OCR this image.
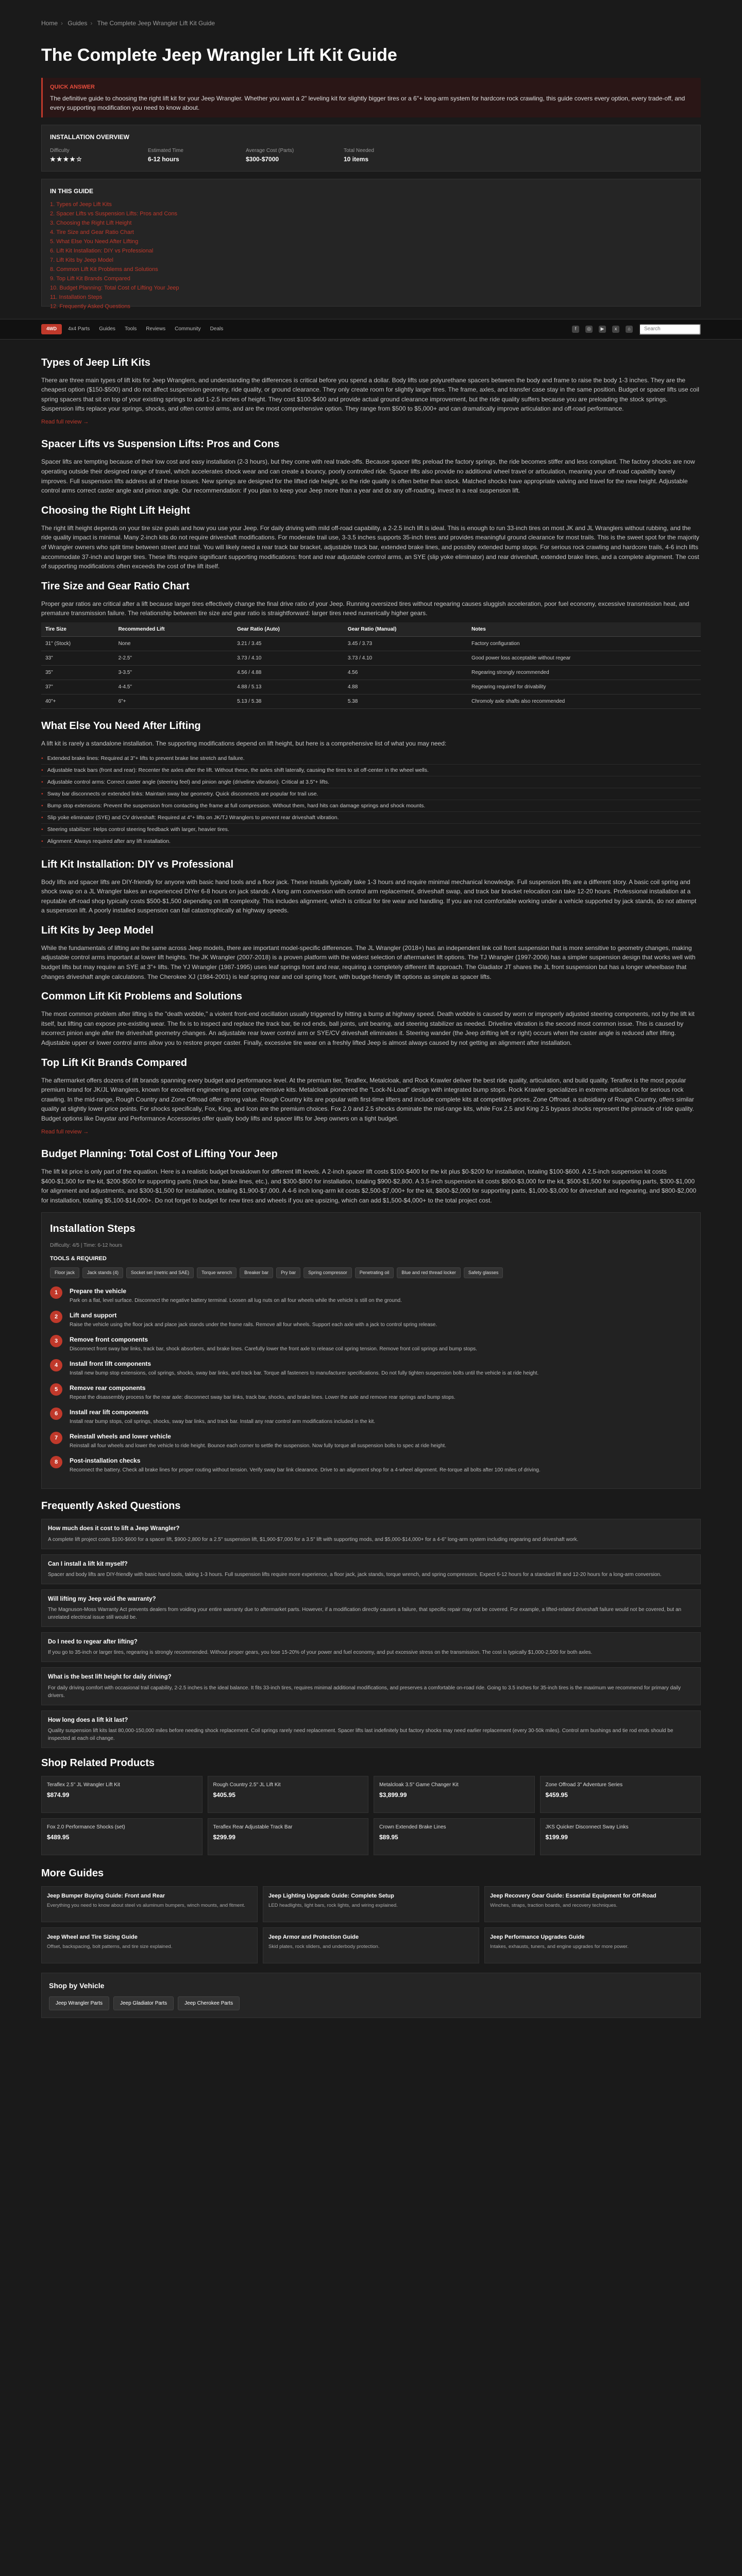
Home › Guides › The Complete Jeep Wrangler Lift Kit Guide
The Complete Jeep Wrangler Lift Kit Guide
QUICK ANSWER

The definitive guide to choosing the right lift kit for your Jeep Wrangler. Whether you want a 2" leveling kit for slightly bigger tires or a 6"+ long-arm system for hardcore rock crawling, this guide covers every option, every trade-off, and every supporting modification you need to know about.

INSTALLATION OVERVIEW
Difficulty
★★★★☆
Estimated Time
6-12 hours
Average Cost (Parts)
$300-$7000
Total Needed
10 items
IN THIS GUIDE
1. Types of Jeep Lift Kits
2. Spacer Lifts vs Suspension Lifts: Pros and Cons
3. Choosing the Right Lift Height
4. Tire Size and Gear Ratio Chart
5. What Else You Need After Lifting
6. Lift Kit Installation: DIY vs Professional
7. Lift Kits by Jeep Model
8. Common Lift Kit Problems and Solutions
9. Top Lift Kit Brands Compared
10. Budget Planning: Total Cost of Lifting Your Jeep
11. Installation Steps
12. Frequently Asked Questions
4WD	4x4 Parts Guides Tools Reviews Community Deals	f	◎	▶	x	⌂
Search
Types of Jeep Lift Kits

There are three main types of lift kits for Jeep Wranglers, and understanding the differences is critical before you spend a dollar. Body lifts use polyurethane spacers between the body and frame to raise the body 1-3 inches. They are the cheapest option ($150-$500) and do not affect suspension geometry, ride quality, or ground clearance. They only create room for slightly larger tires. The frame, axles, and transfer case stay in the same position. Budget or spacer lifts use coil spring spacers that sit on top of your existing springs to add 1-2.5 inches of height. They cost $100-$400 and provide actual ground clearance improvement, but the ride quality suffers because you are preloading the stock springs. Suspension lifts replace your springs, shocks, and often control arms, and are the most comprehensive option. They range from $500 to $5,000+ and can dramatically improve articulation and off-road performance.

Read full review →
Spacer Lifts vs Suspension Lifts: Pros and Cons

Spacer lifts are tempting because of their low cost and easy installation (2-3 hours), but they come with real trade-offs. Because spacer lifts preload the factory springs, the ride becomes stiffer and less compliant. The factory shocks are now operating outside their designed range of travel, which accelerates shock wear and can create a bouncy, poorly controlled ride. Spacer lifts also provide no additional wheel travel or articulation, meaning your off-road capability barely improves. Full suspension lifts address all of these issues. New springs are designed for the lifted ride height, so the ride quality is often better than stock. Matched shocks have appropriate valving and travel for the new height. Adjustable control arms correct caster angle and pinion angle. Our recommendation: if you plan to keep your Jeep more than a year and do any off-roading, invest in a real suspension lift.

Choosing the Right Lift Height

The right lift height depends on your tire size goals and how you use your Jeep. For daily driving with mild off-road capability, a 2-2.5 inch lift is ideal. This is enough to run 33-inch tires on most JK and JL Wranglers without rubbing, and the ride quality impact is minimal. Many 2-inch kits do not require driveshaft modifications. For moderate trail use, 3-3.5 inches supports 35-inch tires and provides meaningful ground clearance for most trails. This is the sweet spot for the majority of Wrangler owners who split time between street and trail. You will likely need a rear track bar bracket, adjustable track bar, extended brake lines, and possibly extended bump stops. For serious rock crawling and hardcore trails, 4-6 inch lifts accommodate 37-inch and larger tires. These lifts require significant supporting modifications: front and rear adjustable control arms, an SYE (slip yoke eliminator) and rear driveshaft, extended brake lines, and a complete alignment. The cost of supporting modifications often exceeds the cost of the lift itself.

Tire Size and Gear Ratio Chart

Proper gear ratios are critical after a lift because larger tires effectively change the final drive ratio of your Jeep. Running oversized tires without regearing causes sluggish acceleration, poor fuel economy, excessive transmission heat, and premature transmission failure. The relationship between tire size and gear ratio is straightforward: larger tires need numerically higher gears.

Tire Size	Recommended Lift	Gear Ratio (Auto)	Gear Ratio (Manual)	Notes
31" (Stock)	None	3.21 / 3.45	3.45 / 3.73	Factory configuration
33"	2-2.5"	3.73 / 4.10	3.73 / 4.10	Good power loss acceptable without regear
35"	3-3.5"	4.56 / 4.88	4.56	Regearing strongly recommended
37"	4-4.5"	4.88 / 5.13	4.88	Regearing required for drivability
40"+	6"+	5.13 / 5.38	5.38	Chromoly axle shafts also recommended
What Else You Need After Lifting

A lift kit is rarely a standalone installation. The supporting modifications depend on lift height, but here is a comprehensive list of what you may need:

• Extended brake lines: Required at 3"+ lifts to prevent brake line stretch and failure.
• Adjustable track bars (front and rear): Recenter the axles after the lift. Without these, the axles shift laterally, causing the tires to sit off-center in the wheel wells.
• Adjustable control arms: Correct caster angle (steering feel) and pinion angle (driveline vibration). Critical at 3.5"+ lifts.
• Sway bar disconnects or extended links: Maintain sway bar geometry. Quick disconnects are popular for trail use.
• Bump stop extensions: Prevent the suspension from contacting the frame at full compression. Without them, hard hits can damage springs and shock mounts.
• Slip yoke eliminator (SYE) and CV driveshaft: Required at 4"+ lifts on JK/TJ Wranglers to prevent rear driveshaft vibration.
• Steering stabilizer: Helps control steering feedback with larger, heavier tires.
• Alignment: Always required after any lift installation.
Lift Kit Installation: DIY vs Professional

Body lifts and spacer lifts are DIY-friendly for anyone with basic hand tools and a floor jack. These installs typically take 1-3 hours and require minimal mechanical knowledge. Full suspension lifts are a different story. A basic coil spring and shock swap on a JL Wrangler takes an experienced DIYer 6-8 hours on jack stands. A long arm conversion with control arm replacement, driveshaft swap, and track bar bracket relocation can take 12-20 hours. Professional installation at a reputable off-road shop typically costs $500-$1,500 depending on lift complexity. This includes alignment, which is critical for tire wear and handling. If you are not comfortable working under a vehicle supported by jack stands, do not attempt a suspension lift. A poorly installed suspension can fail catastrophically at highway speeds.

Lift Kits by Jeep Model

While the fundamentals of lifting are the same across Jeep models, there are important model-specific differences. The JL Wrangler (2018+) has an independent link coil front suspension that is more sensitive to geometry changes, making adjustable control arms important at lower lift heights. The JK Wrangler (2007-2018) is a proven platform with the widest selection of aftermarket lift options. The TJ Wrangler (1997-2006) has a simpler suspension design that works well with budget lifts but may require an SYE at 3"+ lifts. The YJ Wrangler (1987-1995) uses leaf springs front and rear, requiring a completely different lift approach. The Gladiator JT shares the JL front suspension but has a longer wheelbase that changes driveshaft angle calculations. The Cherokee XJ (1984-2001) is leaf spring rear and coil spring front, with budget-friendly lift options as simple as spacer lifts.

Common Lift Kit Problems and Solutions

The most common problem after lifting is the "death wobble," a violent front-end oscillation usually triggered by hitting a bump at highway speed. Death wobble is caused by worn or improperly adjusted steering components, not by the lift kit itself, but lifting can expose pre-existing wear. The fix is to inspect and replace the track bar, tie rod ends, ball joints, unit bearing, and steering stabilizer as needed. Driveline vibration is the second most common issue. This is caused by incorrect pinion angle after the driveshaft geometry changes. An adjustable rear lower control arm or SYE/CV driveshaft eliminates it. Steering wander (the Jeep drifting left or right) occurs when the caster angle is reduced after lifting. Adjustable upper or lower control arms allow you to restore proper caster. Finally, excessive tire wear on a freshly lifted Jeep is almost always caused by not getting an alignment after installation.

Top Lift Kit Brands Compared

The aftermarket offers dozens of lift brands spanning every budget and performance level. At the premium tier, Teraflex, Metalcloak, and Rock Krawler deliver the best ride quality, articulation, and build quality. Teraflex is the most popular premium brand for JK/JL Wranglers, known for excellent engineering and comprehensive kits. Metalcloak pioneered the "Lock-N-Load" design with integrated bump stops. Rock Krawler specializes in extreme articulation for serious rock crawling. In the mid-range, Rough Country and Zone Offroad offer strong value. Rough Country kits are popular with first-time lifters and include complete kits at competitive prices. Zone Offroad, a subsidiary of Rough Country, offers similar quality at slightly lower price points. For shocks specifically, Fox, King, and Icon are the premium choices. Fox 2.0 and 2.5 shocks dominate the mid-range kits, while Fox 2.5 and King 2.5 bypass shocks represent the pinnacle of ride quality. Budget options like Daystar and Performance Accessories offer quality body lifts and spacer lifts for Jeep owners on a tight budget.

Read full review →
Budget Planning: Total Cost of Lifting Your Jeep

The lift kit price is only part of the equation. Here is a realistic budget breakdown for different lift levels. A 2-inch spacer lift costs $100-$400 for the kit plus $0-$200 for installation, totaling $100-$600. A 2.5-inch suspension kit costs $400-$1,500 for the kit, $200-$500 for supporting parts (track bar, brake lines, etc.), and $300-$800 for installation, totaling $900-$2,800. A 3.5-inch suspension kit costs $800-$3,000 for the kit, $500-$1,500 for supporting parts, $300-$1,000 for alignment and adjustments, and $300-$1,500 for installation, totaling $1,900-$7,000. A 4-6 inch long-arm kit costs $2,500-$7,000+ for the kit, $800-$2,000 for supporting parts, $1,000-$3,000 for driveshaft and regearing, and $800-$2,000 for installation, totaling $5,100-$14,000+. Do not forget to budget for new tires and wheels if you are upsizing, which can add $1,500-$4,000+ to the total project cost.

Installation Steps
Difficulty: 4/5 | Time: 6-12 hours
TOOLS & REQUIRED
Floor jack	Jack stands (4)	Socket set (metric and SAE)	Torque wrench	Breaker bar	Pry bar	Spring compressor	Penetrating oil	Blue and red thread locker	Safety glasses
1	Prepare the vehicle

Park on a flat, level surface. Disconnect the negative battery terminal. Loosen all lug nuts on all four wheels while the vehicle is still on the ground.

2	Lift and support

Raise the vehicle using the floor jack and place jack stands under the frame rails. Remove all four wheels. Support each axle with a jack to control spring release.

3	Remove front components

Disconnect front sway bar links, track bar, shock absorbers, and brake lines. Carefully lower the front axle to release coil spring tension. Remove front coil springs and bump stops.

4	Install front lift components

Install new bump stop extensions, coil springs, shocks, sway bar links, and track bar. Torque all fasteners to manufacturer specifications. Do not fully tighten suspension bolts until the vehicle is at ride height.

5	Remove rear components

Repeat the disassembly process for the rear axle: disconnect sway bar links, track bar, shocks, and brake lines. Lower the axle and remove rear springs and bump stops.

6	Install rear lift components

Install rear bump stops, coil springs, shocks, sway bar links, and track bar. Install any rear control arm modifications included in the kit.

7	Reinstall wheels and lower vehicle

Reinstall all four wheels and lower the vehicle to ride height. Bounce each corner to settle the suspension. Now fully torque all suspension bolts to spec at ride height.

8	Post-installation checks

Reconnect the battery. Check all brake lines for proper routing without tension. Verify sway bar link clearance. Drive to an alignment shop for a 4-wheel alignment. Re-torque all bolts after 100 miles of driving.

Frequently Asked Questions
How much does it cost to lift a Jeep Wrangler?

A complete lift project costs $100-$600 for a spacer lift, $900-2,800 for a 2.5" suspension lift, $1,900-$7,000 for a 3.5" lift with supporting mods, and $5,000-$14,000+ for a 4-6" long-arm system including regearing and driveshaft work.

Can I install a lift kit myself?

Spacer and body lifts are DIY-friendly with basic hand tools, taking 1-3 hours. Full suspension lifts require more experience, a floor jack, jack stands, torque wrench, and spring compressors. Expect 6-12 hours for a standard lift and 12-20 hours for a long-arm conversion.

Will lifting my Jeep void the warranty?

The Magnuson-Moss Warranty Act prevents dealers from voiding your entire warranty due to aftermarket parts. However, if a modification directly causes a failure, that specific repair may not be covered. For example, a lifted-related driveshaft failure would not be covered, but an unrelated electrical issue still would be.

Do I need to regear after lifting?

If you go to 35-inch or larger tires, regearing is strongly recommended. Without proper gears, you lose 15-20% of your power and fuel economy, and put excessive stress on the transmission. The cost is typically $1,000-2,500 for both axles.

What is the best lift height for daily driving?

For daily driving comfort with occasional trail capability, 2-2.5 inches is the ideal balance. It fits 33-inch tires, requires minimal additional modifications, and preserves a comfortable on-road ride. Going to 3.5 inches for 35-inch tires is the maximum we recommend for primary daily drivers.

How long does a lift kit last?

Quality suspension lift kits last 80,000-150,000 miles before needing shock replacement. Coil springs rarely need replacement. Spacer lifts last indefinitely but factory shocks may need earlier replacement (every 30-50k miles). Control arm bushings and tie rod ends should be inspected at each oil change.

Shop Related Products
Teraflex 2.5" JL Wrangler Lift Kit
$874.99
Rough Country 2.5" JL Lift Kit
$405.95
Metalcloak 3.5" Game Changer Kit
$3,899.99
Zone Offroad 3" Adventure Series
$459.95
Fox 2.0 Performance Shocks (set)
$489.95
Teraflex Rear Adjustable Track Bar
$299.99
Crown Extended Brake Lines
$89.95
JKS Quicker Disconnect Sway Links
$199.99
More Guides
Jeep Bumper Buying Guide: Front and Rear
Everything you need to know about steel vs aluminum bumpers, winch mounts, and fitment.
Jeep Lighting Upgrade Guide: Complete Setup
LED headlights, light bars, rock lights, and wiring explained.
Jeep Recovery Gear Guide: Essential Equipment for Off-Road
Winches, straps, traction boards, and recovery techniques.
Jeep Wheel and Tire Sizing Guide
Offset, backspacing, bolt patterns, and tire size explained.
Jeep Armor and Protection Guide
Skid plates, rock sliders, and underbody protection.
Jeep Performance Upgrades Guide
Intakes, exhausts, tuners, and engine upgrades for more power.
Shop by Vehicle
Jeep Wrangler Parts	Jeep Gladiator Parts	Jeep Cherokee Parts
